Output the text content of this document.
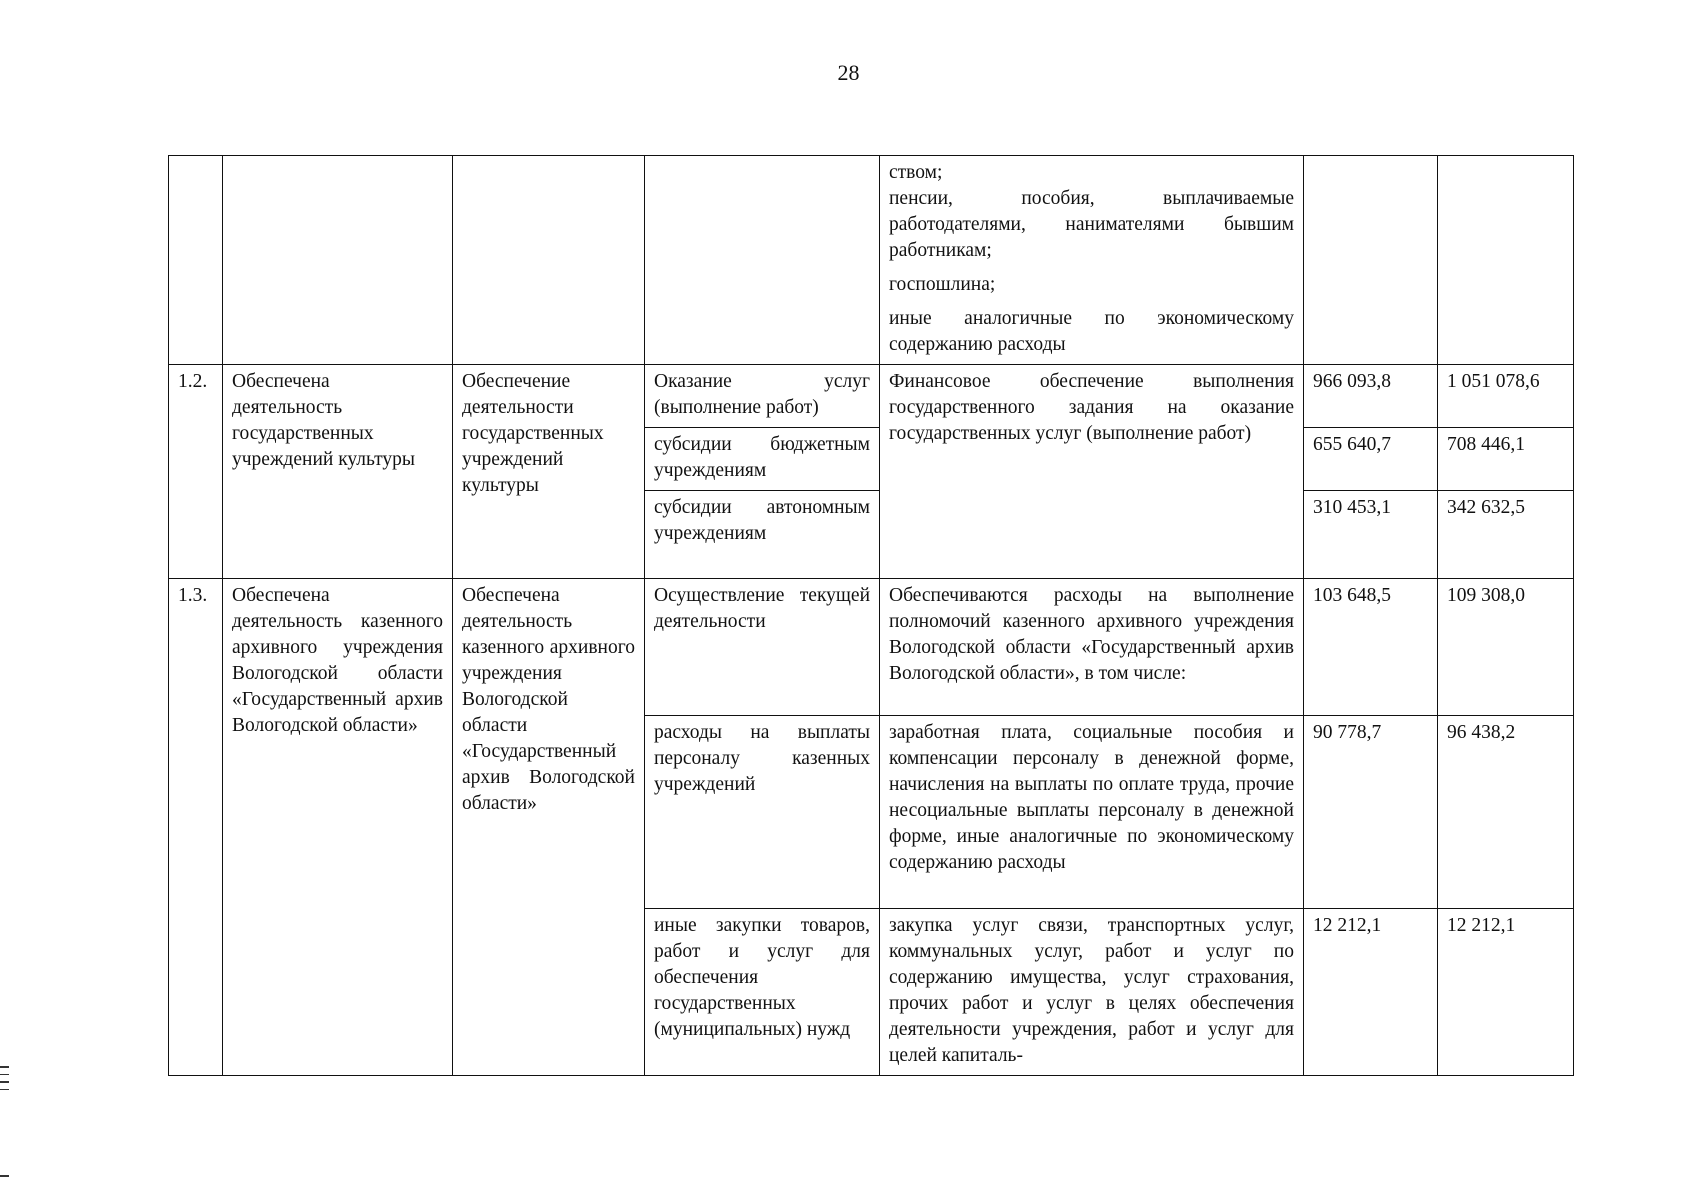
28

				ством;
пенсии, пособия, выплачиваемые работодателями, нанимателями бывшим работникам;
госпошлина;
иные аналогичные по экономическому содержанию расходы		

1.2.	Обеспечена деятельность государственных учреждений культуры	Обеспечение деятельности государственных учреждений культуры	Оказание услуг (выполнение работ)	Финансовое обеспечение выполнения государственного задания на оказание государственных услуг (выполнение работ)	966 093,8	1 051 078,6
			субсидии бюджетным учреждениям		655 640,7	708 446,1
			субсидии автономным учреждениям		310 453,1	342 632,5
1.3.	Обеспечена деятельность казенного архивного учреждения Вологодской области «Государственный архив Вологодской области»	Обеспечена деятельность казенного архивного учреждения Вологодской области «Государственный архив Вологодской области»	Осуществление текущей деятельности	Обеспечиваются расходы на выполнение полномочий казенного архивного учреждения Вологодской области «Государственный архив Вологодской области», в том числе:	103 648,5	109 308,0
			расходы на выплаты персоналу казенных учреждений	заработная плата, социальные пособия и компенсации персоналу в денежной форме, начисления на выплаты по оплате труда, прочие несоциальные выплаты персоналу в денежной форме, иные аналогичные по экономическому содержанию расходы	90 778,7	96 438,2
			иные закупки товаров, работ и услуг для обеспечения государственных (муниципальных) нужд	закупка услуг связи, транспортных услуг, коммунальных услуг, работ и услуг по содержанию имущества, услуг страхования, прочих работ и услуг в целях обеспечения деятельности учреждения, работ и услуг для целей капиталь-	12 212,1	12 212,1
